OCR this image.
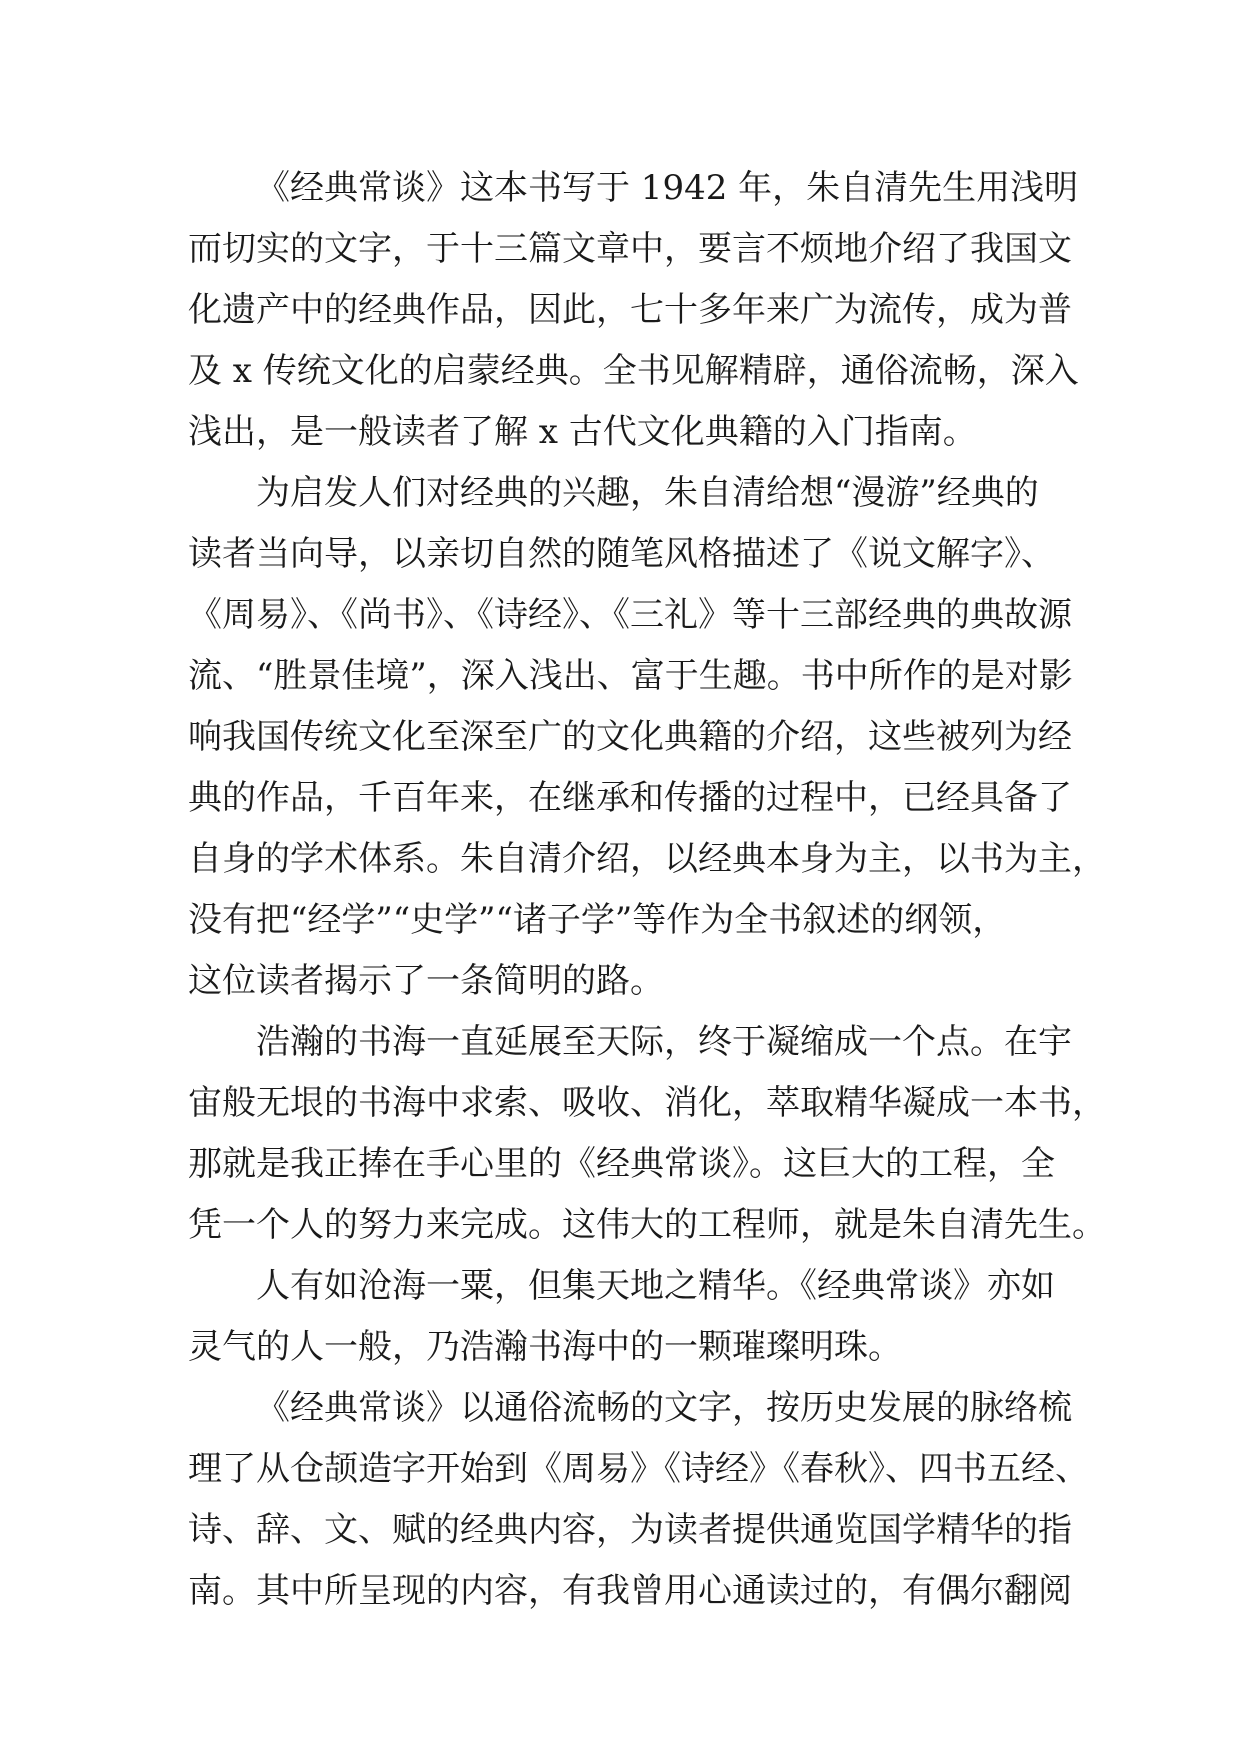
《经典常谈》这本书写于 1942 年，朱自清先生用浅明
而切实的文字，于十三篇文章中，要言不烦地介绍了我国文
化遗产中的经典作品，因此，七十多年来广为流传，成为普
及 x 传统文化的启蒙经典。全书见解精辟，通俗流畅，深入
浅出，是一般读者了解 x 古代文化典籍的入门指南。

为启发人们对经典的兴趣，朱自清给想“漫游”经典的
读者当向导，以亲切自然的随笔风格描述了《说文解字》、
《周易》、《尚书》、《诗经》、《三礼》等十三部经典的典故源
流、“胜景佳境”，深入浅出、富于生趣。书中所作的是对影
响我国传统文化至深至广的文化典籍的介绍，这些被列为经
典的作品，千百年来，在继承和传播的过程中，已经具备了
自身的学术体系。朱自清介绍，以经典本身为主，以书为主，
没有把“经学”“史学”“诸子学”等作为全书叙述的纲领，
这位读者揭示了一条简明的路。

浩瀚的书海一直延展至天际，终于凝缩成一个点。在宇
宙般无垠的书海中求索、吸收、消化，萃取精华凝成一本书，
那就是我正捧在手心里的《经典常谈》。这巨大的工程，全
凭一个人的努力来完成。这伟大的工程师，就是朱自清先生。

人有如沧海一粟，但集天地之精华。《经典常谈》亦如
灵气的人一般，乃浩瀚书海中的一颗璀璨明珠。

《经典常谈》以通俗流畅的文字，按历史发展的脉络梳
理了从仓颉造字开始到《周易》《诗经》《春秋》、四书五经、
诗、辞、文、赋的经典内容，为读者提供通览国学精华的指
南。其中所呈现的内容，有我曾用心通读过的，有偶尔翻阅
